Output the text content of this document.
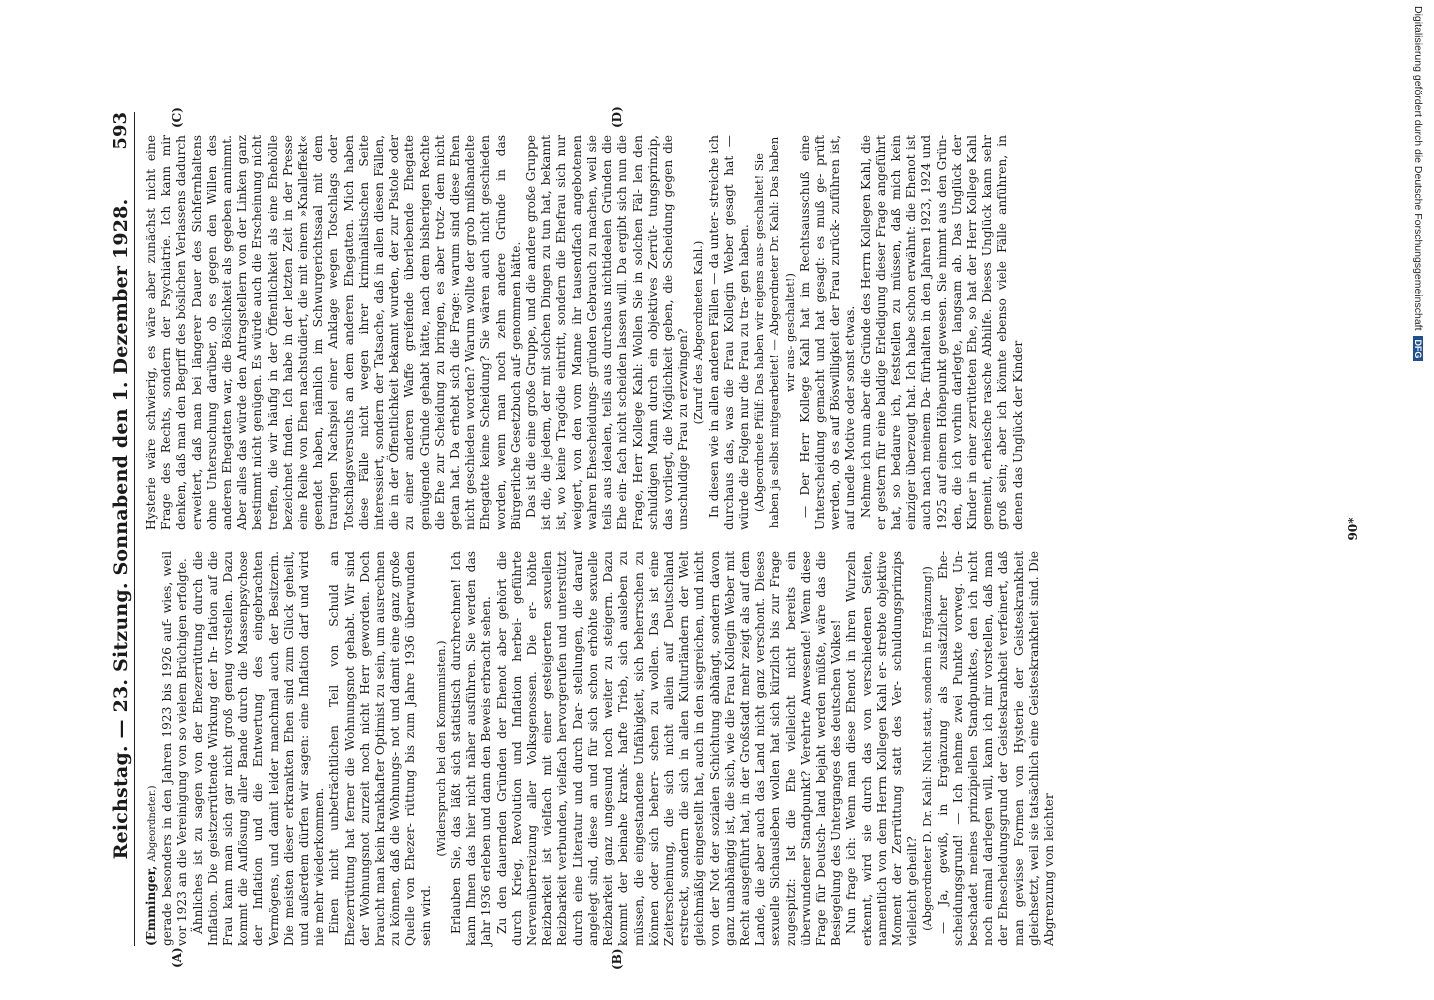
Reichstag. — 23. Sitzung. Sonnabend den 1. Dezember 1928.
593
(A)	(B)
(C)	(D)

(Emminger, Abgeordneter.) gerade besonders in den Jahren 1923 bis 1926 auf- wies, weil vor 1923 an die Vereinigung von so vielem Brüchigen erfolgte. Ähnliches ist zu sagen von der Ehezerrüttung durch die Inflation. Die geistzerrüttende Wirkung der In- flation auf die Frau kann man sich gar nicht groß genug vorstellen. Dazu kommt die Auflösung aller Bande durch die Massenpsychose der Inflation und die Entwertung des eingebrachten Vermögens, und damit leider manchmal auch der Besitzerin. Die meisten dieser erkrankten Ehen sind zum Glück geheilt, und außerdem dürfen wir sagen: eine Inflation darf und wird nie mehr wiederkommen. Einen nicht unbeträchtlichen Teil von Schuld an Ehezerrüttung hat ferner die Wohnungsnot gehabt. Wir sind der Wohnungsnot zurzeit noch nicht Herr geworden. Doch braucht man kein krankhafter Optimist zu sein, um ausrechnen zu können, daß die Wohnungs- not und damit eine ganz große Quelle von Ehezer- rüttung bis zum Jahre 1936 überwunden sein wird.

(Widerspruch bei den Kommunisten.) Erlauben Sie, das läßt sich statistisch durchrechnen! Ich kann Ihnen das hier nicht näher ausführen. Sie werden das Jahr 1936 erleben und dann den Beweis erbracht sehen. Zu den dauernden Gründen der Ehenot aber gehört die durch Krieg, Revolution und Inflation herbei- geführte Nervenüberreizung aller Volksgenossen. Die er- höhte Reizbarkeit ist vielfach mit einer gesteigerten sexuellen Reizbarkeit verbunden, vielfach hervorgerufen und unterstützt durch eine Literatur und durch Dar- stellungen, die darauf angelegt sind, diese an und für sich schon erhöhte sexuelle Reizbarkeit ganz ungesund noch weiter zu steigern. Dazu kommt der beinahe krank- hafte Trieb, sich ausleben zu müssen, die eingestandene Unfähigkeit, sich beherrschen zu können oder sich beherr- schen zu wollen. Das ist eine Zeiterscheinung, die sich nicht allein auf Deutschland erstreckt, sondern die sich in allen Kulturländern der Welt gleichmäßig eingestellt hat, auch in den siegreichen, und nicht von der Not der sozialen Schichtung abhängt, sondern davon ganz unabhängig ist, die sich, wie die Frau Kollegin Weber mit Recht ausgeführt hat, in der Großstadt mehr zeigt als auf dem Lande, die aber auch das Land nicht ganz verschont. Dieses sexuelle Sichausleben wollen hat sich kürzlich bis zur Frage zugespitzt: Ist die Ehe vielleicht nicht bereits ein überwundener Standpunkt? Verehrte Anwesende! Wenn diese Frage für Deutsch- land bejaht werden müßte, wäre das die Besiegelung des Unterganges des deutschen Volkes! Nun frage ich: Wenn man diese Ehenot in ihren Wurzeln erkennt, wird sie durch das von verschiedenen Seiten, namentlich von dem Herrn Kollegen Kahl er- strebte objektive Moment der Zerrüttung statt des Ver- schuldungsprinzips vielleicht geheilt? (Abgeordneter D. Dr. Kahl: Nicht statt, sondern in Ergänzung!) — Ja, gewiß, in Ergänzung als zusätzlicher Ehe- scheidungsgrund! — Ich nehme zwei Punkte vorweg. Un- beschadet meines prinzipiellen Standpunktes, den ich nicht noch einmal darlegen will, kann ich mir vorstellen, daß man der Ehescheidungsgrund der Geisteskrankheit verfeinert, daß man gewisse Formen von Hysterie der Geisteskrankheit gleichsetzt, weil sie tatsächlich eine Geisteskrankheit sind. Die Abgrenzung von leichter

Hysterie wäre schwierig, es wäre aber zunächst nicht eine Frage des Rechts, sondern der Psychiatrie. Ich kann mir denken, daß man den Begriff des böslichen Verlassens dadurch erweitert, daß man bei längerer Dauer des Sichfernhaltens ohne Untersuchung darüber, ob es gegen den Willen des anderen Ehegatten war, die Böslichkeit als gegeben annimmt. Aber alles das würde den Antragstellern von der Linken ganz bestimmt nicht genügen. Es würde auch die Erscheinung nicht treffen, die wir häufig in der Öffentlichkeit als eine Ehehölle bezeichnet finden. Ich habe in der letzten Zeit in der Presse eine Reihe von Ehen nachstudiert, die mit einem »Knalleffekt« geendet haben, nämlich im Schwurgerichtssaal mit dem traurigen Nachspiel einer Anklage wegen Totschlags oder Totschlagsversuchs an dem anderen Ehegatten. Mich haben diese Fälle nicht wegen ihrer kriminalistischen Seite interessiert, sondern der Tatsache, daß in allen diesen Fällen, die in der Öffentlichkeit bekannt wurden, der zur Pistole oder zu einer anderen Waffe greifende überlebende Ehegatte genügende Gründe gehabt hätte, nach dem bisherigen Rechte die Ehe zur Scheidung zu bringen, es aber trotz- dem nicht getan hat. Da erhebt sich die Frage: warum sind diese Ehen nicht geschieden worden? Warum wollte der grob mißhandelte Ehegatte keine Scheidung? Sie wären auch nicht geschieden worden, wenn man noch zehn andere Gründe in das Bürgerliche Gesetzbuch auf- genommen hätte. Das ist die eine große Gruppe, und die andere große Gruppe ist die, die jedem, der mit solchen Dingen zu tun hat, bekannt ist, wo keine Tragödie eintritt, sondern die Ehefrau sich nur weigert, von den vom Manne ihr tausendfach angebotenen wahren Ehescheidungs- gründen Gebrauch zu machen, weil sie teils aus idealen, teils aus durchaus nichtidealen Gründen die Ehe ein- fach nicht scheiden lassen will. Da ergibt sich nun die Frage, Herr Kollege Kahl: Wollen Sie in solchen Fäl- len den schuldigen Mann durch ein objektives Zerrüt- tungsprinzip, das vorliegt, die Möglichkeit geben, die Scheidung gegen die unschuldige Frau zu erzwingen? (Zuruf des Abgeordneten Kahl.) In diesen wie in allen anderen Fällen — da unter- streiche ich durchaus das, was die Frau Kollegin Weber gesagt hat — würde die Folgen nur die Frau zu tra- gen haben. (Abgeordnete Pfülf: Das haben wir eigens aus- geschaltet! Sie haben ja selbst mitgearbeitet! — Abgeordneter Dr. Kahl: Das haben wir aus- geschaltet!) — Der Herr Kollege Kahl hat im Rechtsausschuß eine Unterscheidung gemacht und hat gesagt: es muß ge- prüft werden, ob es auf Böswilligkeit der Frau zurück- zuführen ist, auf unedle Motive oder sonst etwas. Nehme ich nun aber die Gründe des Herrn Kollegen Kahl, die er gestern für eine baldige Erledigung dieser Frage angeführt hat, so bedaure ich, feststellen zu müssen, daß mich kein einziger überzeugt hat. Ich habe schon erwähnt: die Ehenot ist auch nach meinem Da- fürhalten in den Jahren 1923, 1924 und 1925 auf einem Höhepunkt gewesen. Sie nimmt aus den Grün- den, die ich vorhin darlegte, langsam ab. Das Unglück der Kinder in einer zerrütteten Ehe, so hat der Herr Kollege Kahl gemeint, erheische rasche Abhilfe. Dieses Unglück kann sehr groß sein; aber ich könnte ebenso viele Fälle anführen, in denen das Unglück der Kinder	90*
Digitalisierung gefördert durch die Deutsche Forschungsgemeinschaft DFG
